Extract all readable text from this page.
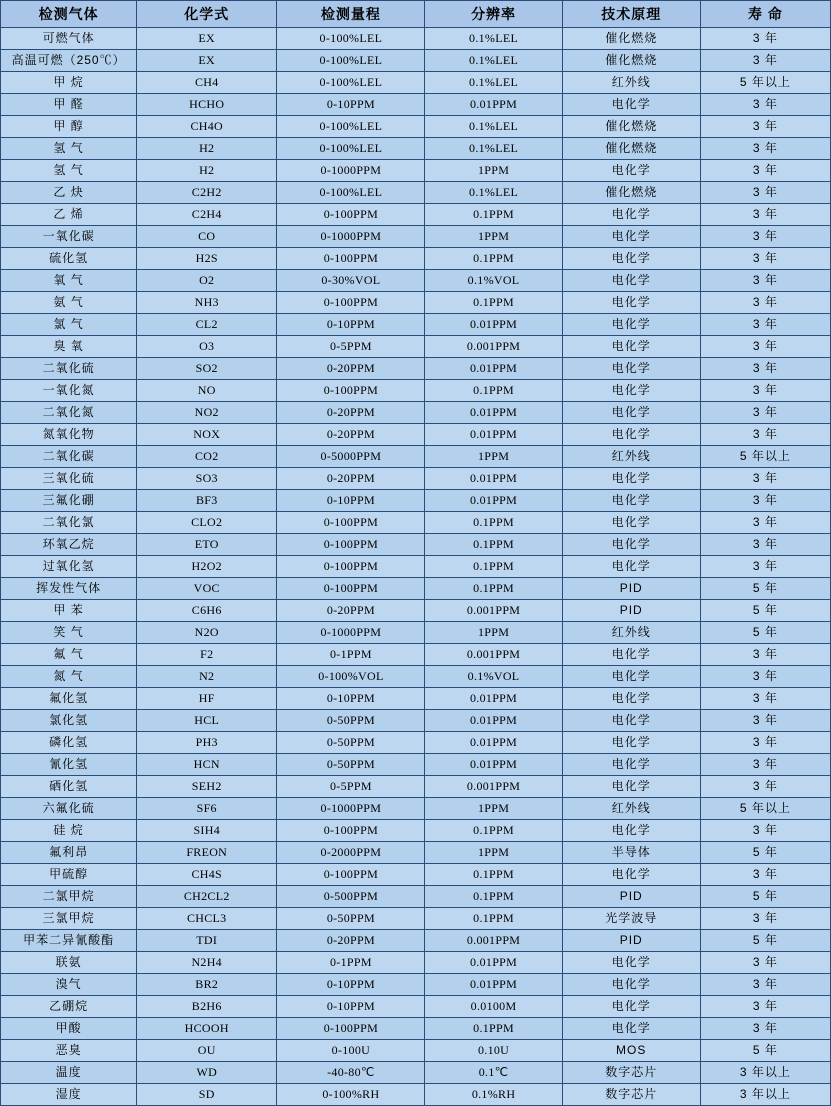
检测气体	化学式	检测量程	分辨率	技术原理	寿 命
可燃气体	EX	0-100%LEL	0.1%LEL	催化燃烧	3 年
高温可燃（250℃）	EX	0-100%LEL	0.1%LEL	催化燃烧	3 年
甲 烷	CH4	0-100%LEL	0.1%LEL	红外线	5 年以上
甲 醛	HCHO	0-10PPM	0.01PPM	电化学	3 年
甲 醇	CH4O	0-100%LEL	0.1%LEL	催化燃烧	3 年
氢 气	H2	0-100%LEL	0.1%LEL	催化燃烧	3 年
氢 气	H2	0-1000PPM	1PPM	电化学	3 年
乙 炔	C2H2	0-100%LEL	0.1%LEL	催化燃烧	3 年
乙 烯	C2H4	0-100PPM	0.1PPM	电化学	3 年
一氧化碳	CO	0-1000PPM	1PPM	电化学	3 年
硫化氢	H2S	0-100PPM	0.1PPM	电化学	3 年
氧 气	O2	0-30%VOL	0.1%VOL	电化学	3 年
氨 气	NH3	0-100PPM	0.1PPM	电化学	3 年
氯 气	CL2	0-10PPM	0.01PPM	电化学	3 年
臭 氧	O3	0-5PPM	0.001PPM	电化学	3 年
二氧化硫	SO2	0-20PPM	0.01PPM	电化学	3 年
一氧化氮	NO	0-100PPM	0.1PPM	电化学	3 年
二氧化氮	NO2	0-20PPM	0.01PPM	电化学	3 年
氮氧化物	NOX	0-20PPM	0.01PPM	电化学	3 年
二氧化碳	CO2	0-5000PPM	1PPM	红外线	5 年以上
三氧化硫	SO3	0-20PPM	0.01PPM	电化学	3 年
三氟化硼	BF3	0-10PPM	0.01PPM	电化学	3 年
二氧化氯	CLO2	0-100PPM	0.1PPM	电化学	3 年
环氧乙烷	ETO	0-100PPM	0.1PPM	电化学	3 年
过氧化氢	H2O2	0-100PPM	0.1PPM	电化学	3 年
挥发性气体	VOC	0-100PPM	0.1PPM	PID	5 年
甲 苯	C6H6	0-20PPM	0.001PPM	PID	5 年
笑 气	N2O	0-1000PPM	1PPM	红外线	5 年
氟 气	F2	0-1PPM	0.001PPM	电化学	3 年
氮 气	N2	0-100%VOL	0.1%VOL	电化学	3 年
氟化氢	HF	0-10PPM	0.01PPM	电化学	3 年
氯化氢	HCL	0-50PPM	0.01PPM	电化学	3 年
磷化氢	PH3	0-50PPM	0.01PPM	电化学	3 年
氰化氢	HCN	0-50PPM	0.01PPM	电化学	3 年
硒化氢	SEH2	0-5PPM	0.001PPM	电化学	3 年
六氟化硫	SF6	0-1000PPM	1PPM	红外线	5 年以上
硅 烷	SIH4	0-100PPM	0.1PPM	电化学	3 年
氟利昂	FREON	0-2000PPM	1PPM	半导体	5 年
甲硫醇	CH4S	0-100PPM	0.1PPM	电化学	3 年
二氯甲烷	CH2CL2	0-500PPM	0.1PPM	PID	5 年
三氯甲烷	CHCL3	0-50PPM	0.1PPM	光学波导	3 年
甲苯二异氰酸酯	TDI	0-20PPM	0.001PPM	PID	5 年
联氨	N2H4	0-1PPM	0.01PPM	电化学	3 年
溴气	BR2	0-10PPM	0.01PPM	电化学	3 年
乙硼烷	B2H6	0-10PPM	0.0100M	电化学	3 年
甲酸	HCOOH	0-100PPM	0.1PPM	电化学	3 年
恶臭	OU	0-100U	0.10U	MOS	5 年
温度	WD	-40-80℃	0.1℃	数字芯片	3 年以上
湿度	SD	0-100%RH	0.1%RH	数字芯片	3 年以上
